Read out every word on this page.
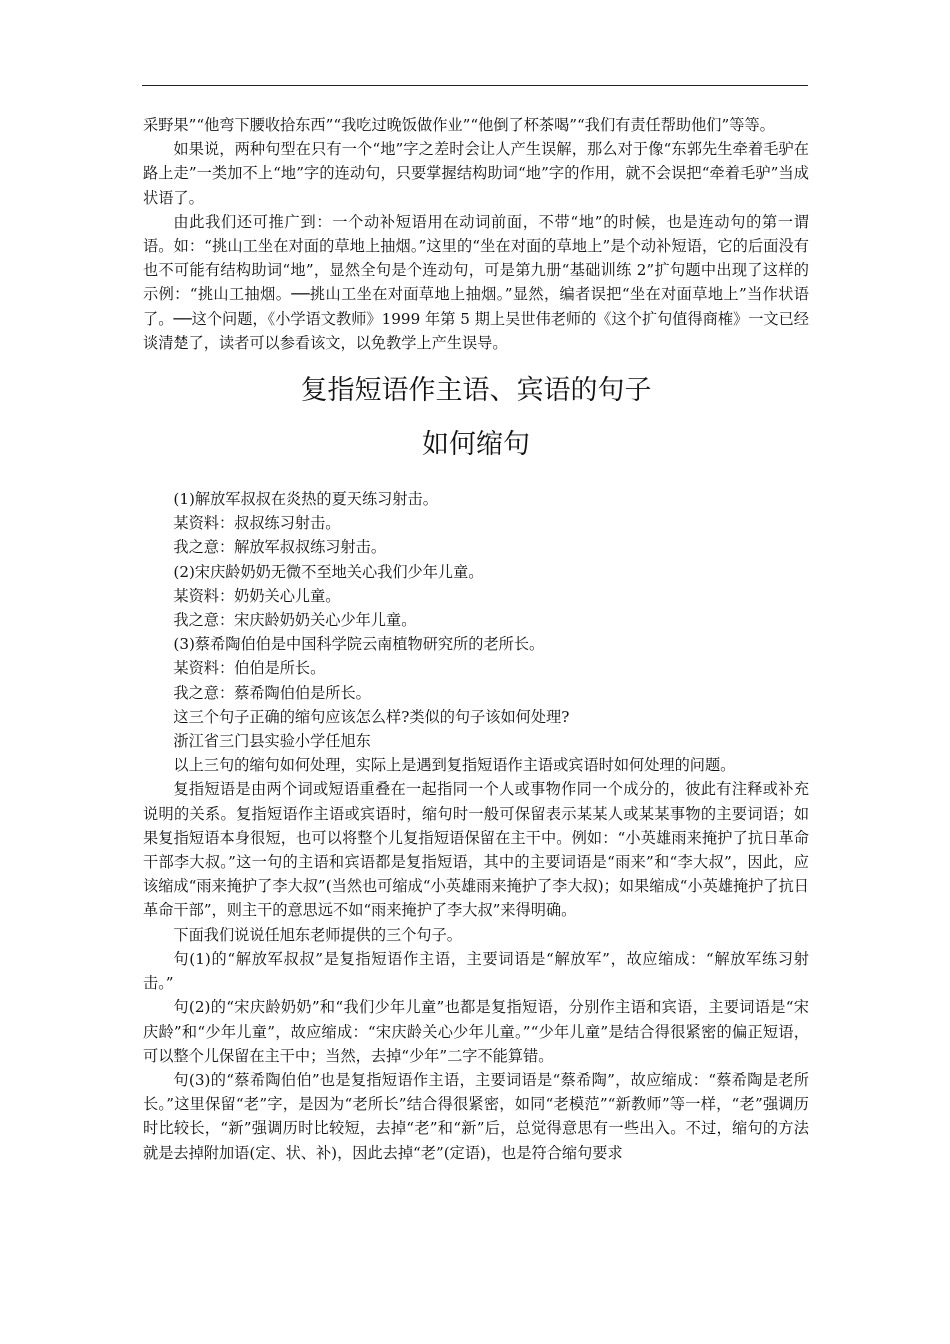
采野果”“他弯下腰收拾东西”“我吃过晚饭做作业”“他倒了杯茶喝”“我们有责任帮助他们”等等。

如果说，两种句型在只有一个“地”字之差时会让人产生误解，那么对于像“东郭先生牵着毛驴在路上走”一类加不上“地”字的连动句，只要掌握结构助词“地”字的作用，就不会误把“牵着毛驴”当成状语了。

由此我们还可推广到：一个动补短语用在动词前面，不带“地”的时候，也是连动句的第一谓语。如：“挑山工坐在对面的草地上抽烟。”这里的“坐在对面的草地上”是个动补短语，它的后面没有也不可能有结构助词“地”，显然全句是个连动句，可是第九册“基础训练 2”扩句题中出现了这样的示例：“挑山工抽烟。──挑山工坐在对面草地上抽烟。”显然，编者误把“坐在对面草地上”当作状语了。──这个问题，《小学语文教师》1999 年第 5 期上吴世伟老师的《这个扩句值得商榷》一文已经谈清楚了，读者可以参看该文，以免教学上产生误导。

复指短语作主语、宾语的句子
如何缩句
(1)解放军叔叔在炎热的夏天练习射击。
某资料：叔叔练习射击。
我之意：解放军叔叔练习射击。
(2)宋庆龄奶奶无微不至地关心我们少年儿童。
某资料：奶奶关心儿童。
我之意：宋庆龄奶奶关心少年儿童。
(3)蔡希陶伯伯是中国科学院云南植物研究所的老所长。
某资料：伯伯是所长。
我之意：蔡希陶伯伯是所长。
这三个句子正确的缩句应该怎么样?类似的句子该如何处理?
浙江省三门县实验小学任旭东

以上三句的缩句如何处理，实际上是遇到复指短语作主语或宾语时如何处理的问题。

复指短语是由两个词或短语重叠在一起指同一个人或事物作同一个成分的，彼此有注释或补充说明的关系。复指短语作主语或宾语时，缩句时一般可保留表示某某人或某某事物的主要词语；如果复指短语本身很短，也可以将整个儿复指短语保留在主干中。例如：“小英雄雨来掩护了抗日革命干部李大叔。”这一句的主语和宾语都是复指短语，其中的主要词语是“雨来”和“李大叔”，因此，应该缩成“雨来掩护了李大叔”(当然也可缩成“小英雄雨来掩护了李大叔)；如果缩成“小英雄掩护了抗日革命干部”，则主干的意思远不如“雨来掩护了李大叔”来得明确。

下面我们说说任旭东老师提供的三个句子。

句(1)的“解放军叔叔”是复指短语作主语，主要词语是“解放军”，故应缩成：“解放军练习射击。”

句(2)的“宋庆龄奶奶”和“我们少年儿童”也都是复指短语，分别作主语和宾语，主要词语是“宋庆龄”和“少年儿童”，故应缩成：“宋庆龄关心少年儿童。”“少年儿童”是结合得很紧密的偏正短语，可以整个儿保留在主干中；当然，去掉“少年”二字不能算错。

句(3)的“蔡希陶伯伯”也是复指短语作主语，主要词语是“蔡希陶”，故应缩成：“蔡希陶是老所长。”这里保留“老”字，是因为“老所长”结合得很紧密，如同“老模范”“新教师”等一样，“老”强调历时比较长，“新”强调历时比较短，去掉“老”和“新”后，总觉得意思有一些出入。不过，缩句的方法就是去掉附加语(定、状、补)，因此去掉“老”(定语)，也是符合缩句要求
